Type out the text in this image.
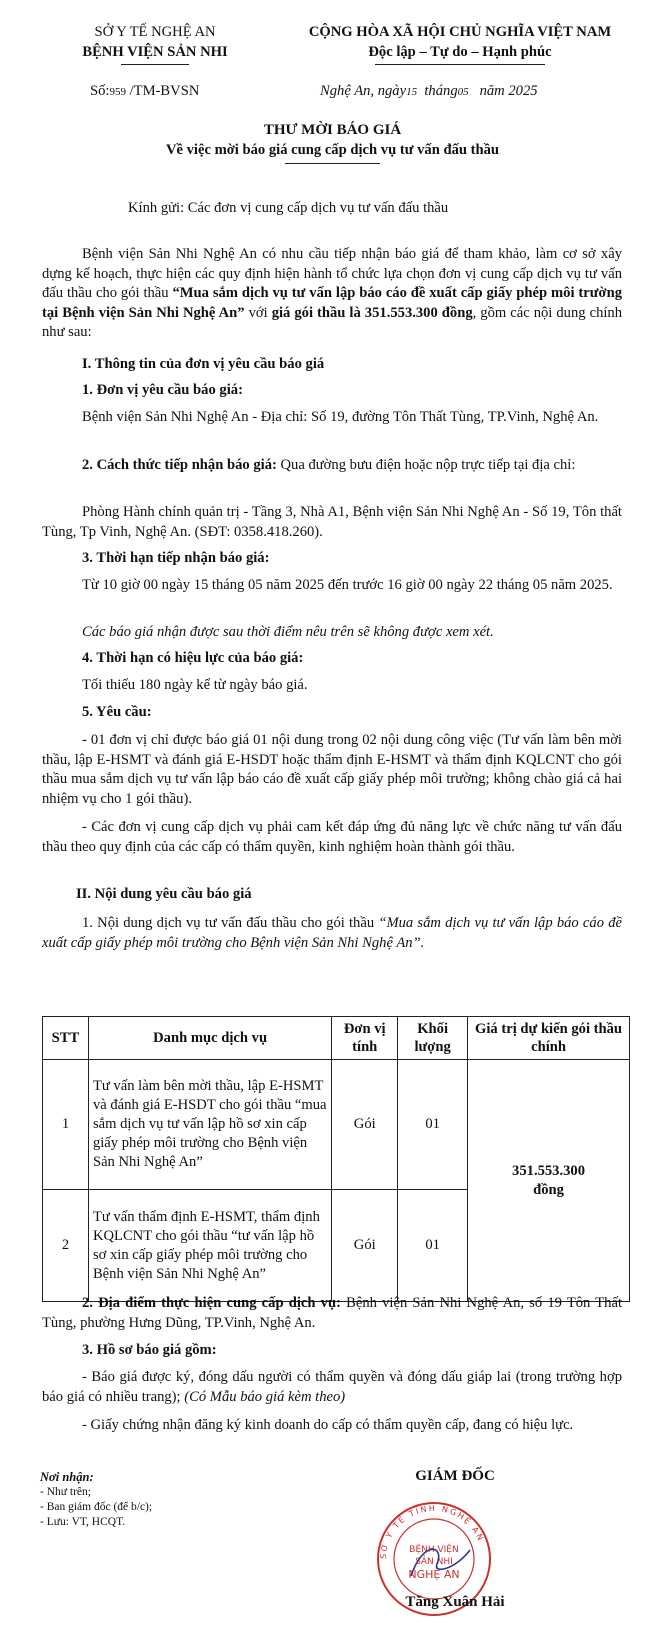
SỞ Y TẾ NGHỆ AN
BỆNH VIỆN SẢN NHI
CỘNG HÒA XÃ HỘI CHỦ NGHĨA VIỆT NAM
Độc lập – Tự do – Hạnh phúc
Số:959 /TM-BVSN	Nghệ An, ngày15 tháng05 năm 2025
THƯ MỜI BÁO GIÁ
Về việc mời báo giá cung cấp dịch vụ tư vấn đấu thầu
Kính gửi: Các đơn vị cung cấp dịch vụ tư vấn đấu thầu
Bệnh viện Sản Nhi Nghệ An có nhu cầu tiếp nhận báo giá để tham khảo, làm cơ sở xây dựng kế hoạch, thực hiện các quy định hiện hành tổ chức lựa chọn đơn vị cung cấp dịch vụ tư vấn đấu thầu cho gói thầu “Mua sắm dịch vụ tư vấn lập báo cáo đề xuất cấp giấy phép môi trường tại Bệnh viện Sản Nhi Nghệ An” với giá gói thầu là 351.553.300 đồng, gồm các nội dung chính như sau:
I. Thông tin của đơn vị yêu cầu báo giá
1. Đơn vị yêu cầu báo giá:
Bệnh viện Sản Nhi Nghệ An - Địa chỉ: Số 19, đường Tôn Thất Tùng, TP.Vinh, Nghệ An.
2. Cách thức tiếp nhận báo giá: Qua đường bưu điện hoặc nộp trực tiếp tại địa chỉ:
Phòng Hành chính quản trị - Tầng 3, Nhà A1, Bệnh viện Sản Nhi Nghệ An - Số 19, Tôn thất Tùng, Tp Vinh, Nghệ An. (SĐT: 0358.418.260).
3. Thời hạn tiếp nhận báo giá:
Từ 10 giờ 00 ngày 15 tháng 05 năm 2025 đến trước 16 giờ 00 ngày 22 tháng 05 năm 2025.
Các báo giá nhận được sau thời điểm nêu trên sẽ không được xem xét.
4. Thời hạn có hiệu lực của báo giá:
Tối thiểu 180 ngày kể từ ngày báo giá.
5. Yêu cầu:
- 01 đơn vị chỉ được báo giá 01 nội dung trong 02 nội dung công việc (Tư vấn làm bên mời thầu, lập E-HSMT và đánh giá E-HSDT hoặc thẩm định E-HSMT và thẩm định KQLCNT cho gói thầu mua sắm dịch vụ tư vấn lập báo cáo đề xuất cấp giấy phép môi trường; không chào giá cả hai nhiệm vụ cho 1 gói thầu).
- Các đơn vị cung cấp dịch vụ phải cam kết đáp ứng đủ năng lực về chức năng tư vấn đấu thầu theo quy định của các cấp có thẩm quyền, kinh nghiệm hoàn thành gói thầu.
II. Nội dung yêu cầu báo giá
1. Nội dung dịch vụ tư vấn đấu thầu cho gói thầu “Mua sắm dịch vụ tư vấn lập báo cáo đề xuất cấp giấy phép môi trường cho Bệnh viện Sản Nhi Nghệ An”.
STT	Danh mục dịch vụ	Đơn vị tính	Khối lượng	Giá trị dự kiến gói thầu chính
1	Tư vấn làm bên mời thầu, lập E-HSMT và đánh giá E-HSDT cho gói thầu “mua sắm dịch vụ tư vấn lập hồ sơ xin cấp giấy phép môi trường cho Bệnh viện Sản Nhi Nghệ An”	Gói	01	351.553.300 đồng
2	Tư vấn thẩm định E-HSMT, thẩm định KQLCNT cho gói thầu “tư vấn lập hồ sơ xin cấp giấy phép môi trường cho Bệnh viện Sản Nhi Nghệ An”	Gói	01	
2. Địa điểm thực hiện cung cấp dịch vụ: Bệnh viện Sản Nhi Nghệ An, số 19 Tôn Thất Tùng, phường Hưng Dũng, TP.Vinh, Nghệ An.
3. Hồ sơ báo giá gồm:
- Báo giá được ký, đóng dấu người có thẩm quyền và đóng dấu giáp lai (trong trường hợp báo giá có nhiều trang); (Có Mẫu báo giá kèm theo)
- Giấy chứng nhận đăng ký kinh doanh do cấp có thẩm quyền cấp, đang có hiệu lực.
Nơi nhận:
- Như trên;
- Ban giám đốc (để b/c);
- Lưu: VT, HCQT.
GIÁM ĐỐC
SỞ Y TẾ TỈNH NGHỆ AN
BỆNH VIỆN
SẢN NHI
NGHỆ AN
Tăng Xuân Hải
